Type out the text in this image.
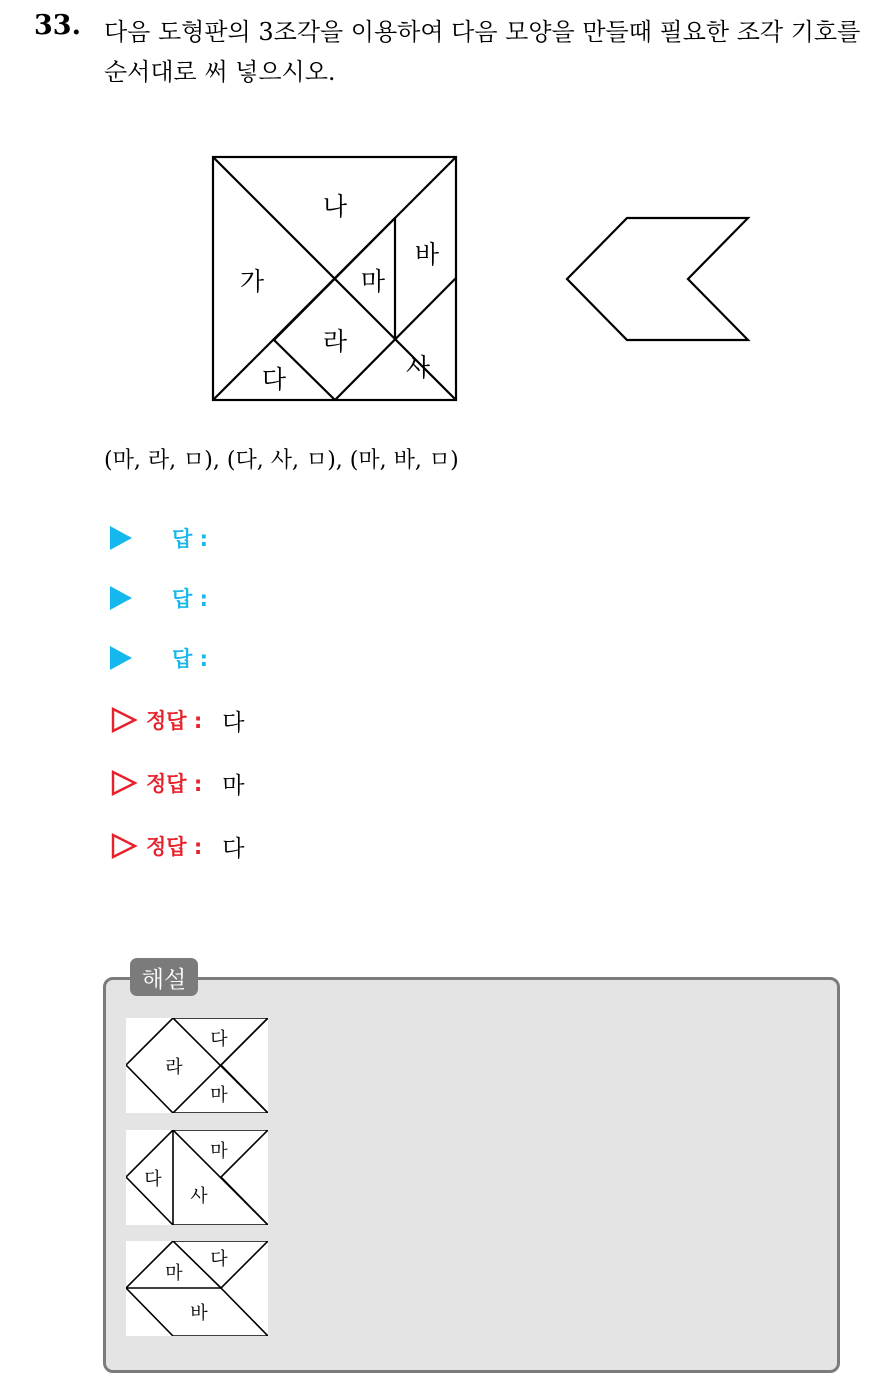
33. 다음 도형판의 3조각을 이용하여 다음 모양을 만들때 필요한 조각 기호를 순서대로 써 넣으시오.
나
바
가	마
라
사
다
(마, 라, ㅁ), (다, 사, ㅁ), (마, 바, ㅁ)
답 :
답 :
답 :
정답 : 다
정답 : 마
정답 : 다
해설
다
라
마
마
다
사
다
마
바
